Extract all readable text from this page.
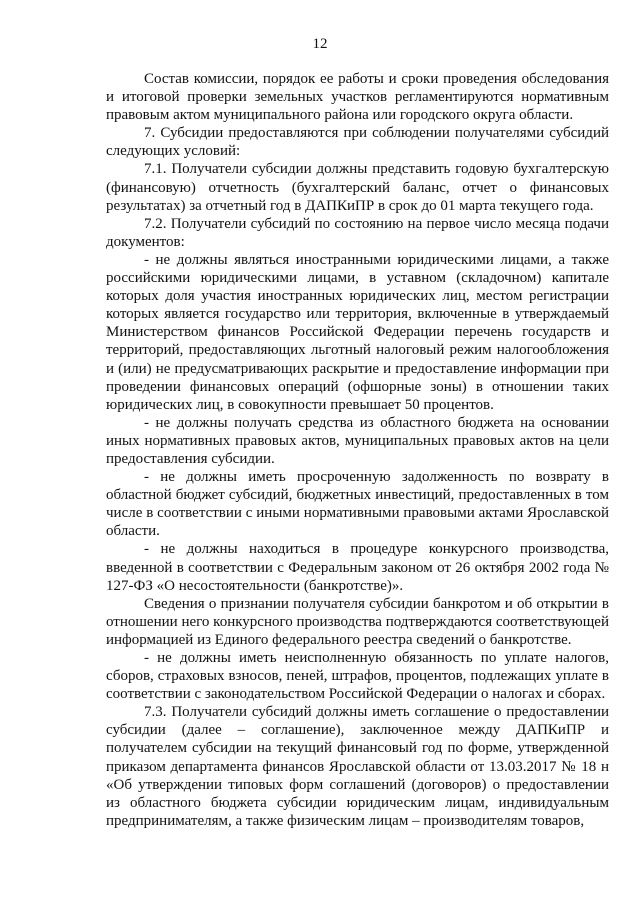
12

Состав комиссии, порядок ее работы и сроки проведения обследования и итоговой проверки земельных участков регламентируются нормативным правовым актом муниципального района или городского округа области.

7. Субсидии предоставляются при соблюдении получателями субсидий следующих условий:

7.1. Получатели субсидии должны представить годовую бухгалтерскую (финансовую) отчетность (бухгалтерский баланс, отчет о финансовых результатах) за отчетный год в ДАПКиПР в срок до 01 марта текущего года.

7.2. Получатели субсидий по состоянию на первое число месяца подачи документов:

- не должны являться иностранными юридическими лицами, а также российскими юридическими лицами, в уставном (складочном) капитале которых доля участия иностранных юридических лиц, местом регистрации которых является государство или территория, включенные в утверждаемый Министерством финансов Российской Федерации перечень государств и территорий, предоставляющих льготный налоговый режим налогообложения и (или) не предусматривающих раскрытие и предоставление информации при проведении финансовых операций (офшорные зоны) в отношении таких юридических лиц, в совокупности превышает 50 процентов.

- не должны получать средства из областного бюджета на основании иных нормативных правовых актов, муниципальных правовых актов на цели предоставления субсидии.

- не должны иметь просроченную задолженность по возврату в областной бюджет субсидий, бюджетных инвестиций, предоставленных в том числе в соответствии с иными нормативными правовыми актами Ярославской области.

- не должны находиться в процедуре конкурсного производства, введенной в соответствии с Федеральным законом от 26 октября 2002 года № 127-ФЗ «О несостоятельности (банкротстве)».

Сведения о признании получателя субсидии банкротом и об открытии в отношении него конкурсного производства подтверждаются соответствующей информацией из Единого федерального реестра сведений о банкротстве.

- не должны иметь неисполненную обязанность по уплате налогов, сборов, страховых взносов, пеней, штрафов, процентов, подлежащих уплате в соответствии с законодательством Российской Федерации о налогах и сборах.

7.3. Получатели субсидий должны иметь соглашение о предоставлении субсидии (далее – соглашение), заключенное между ДАПКиПР и получателем субсидии на текущий финансовый год по форме, утвержденной приказом департамента финансов Ярославской области от 13.03.2017 № 18 н «Об утверждении типовых форм соглашений (договоров) о предоставлении из областного бюджета субсидии юридическим лицам, индивидуальным предпринимателям, а также физическим лицам – производителям товаров,
